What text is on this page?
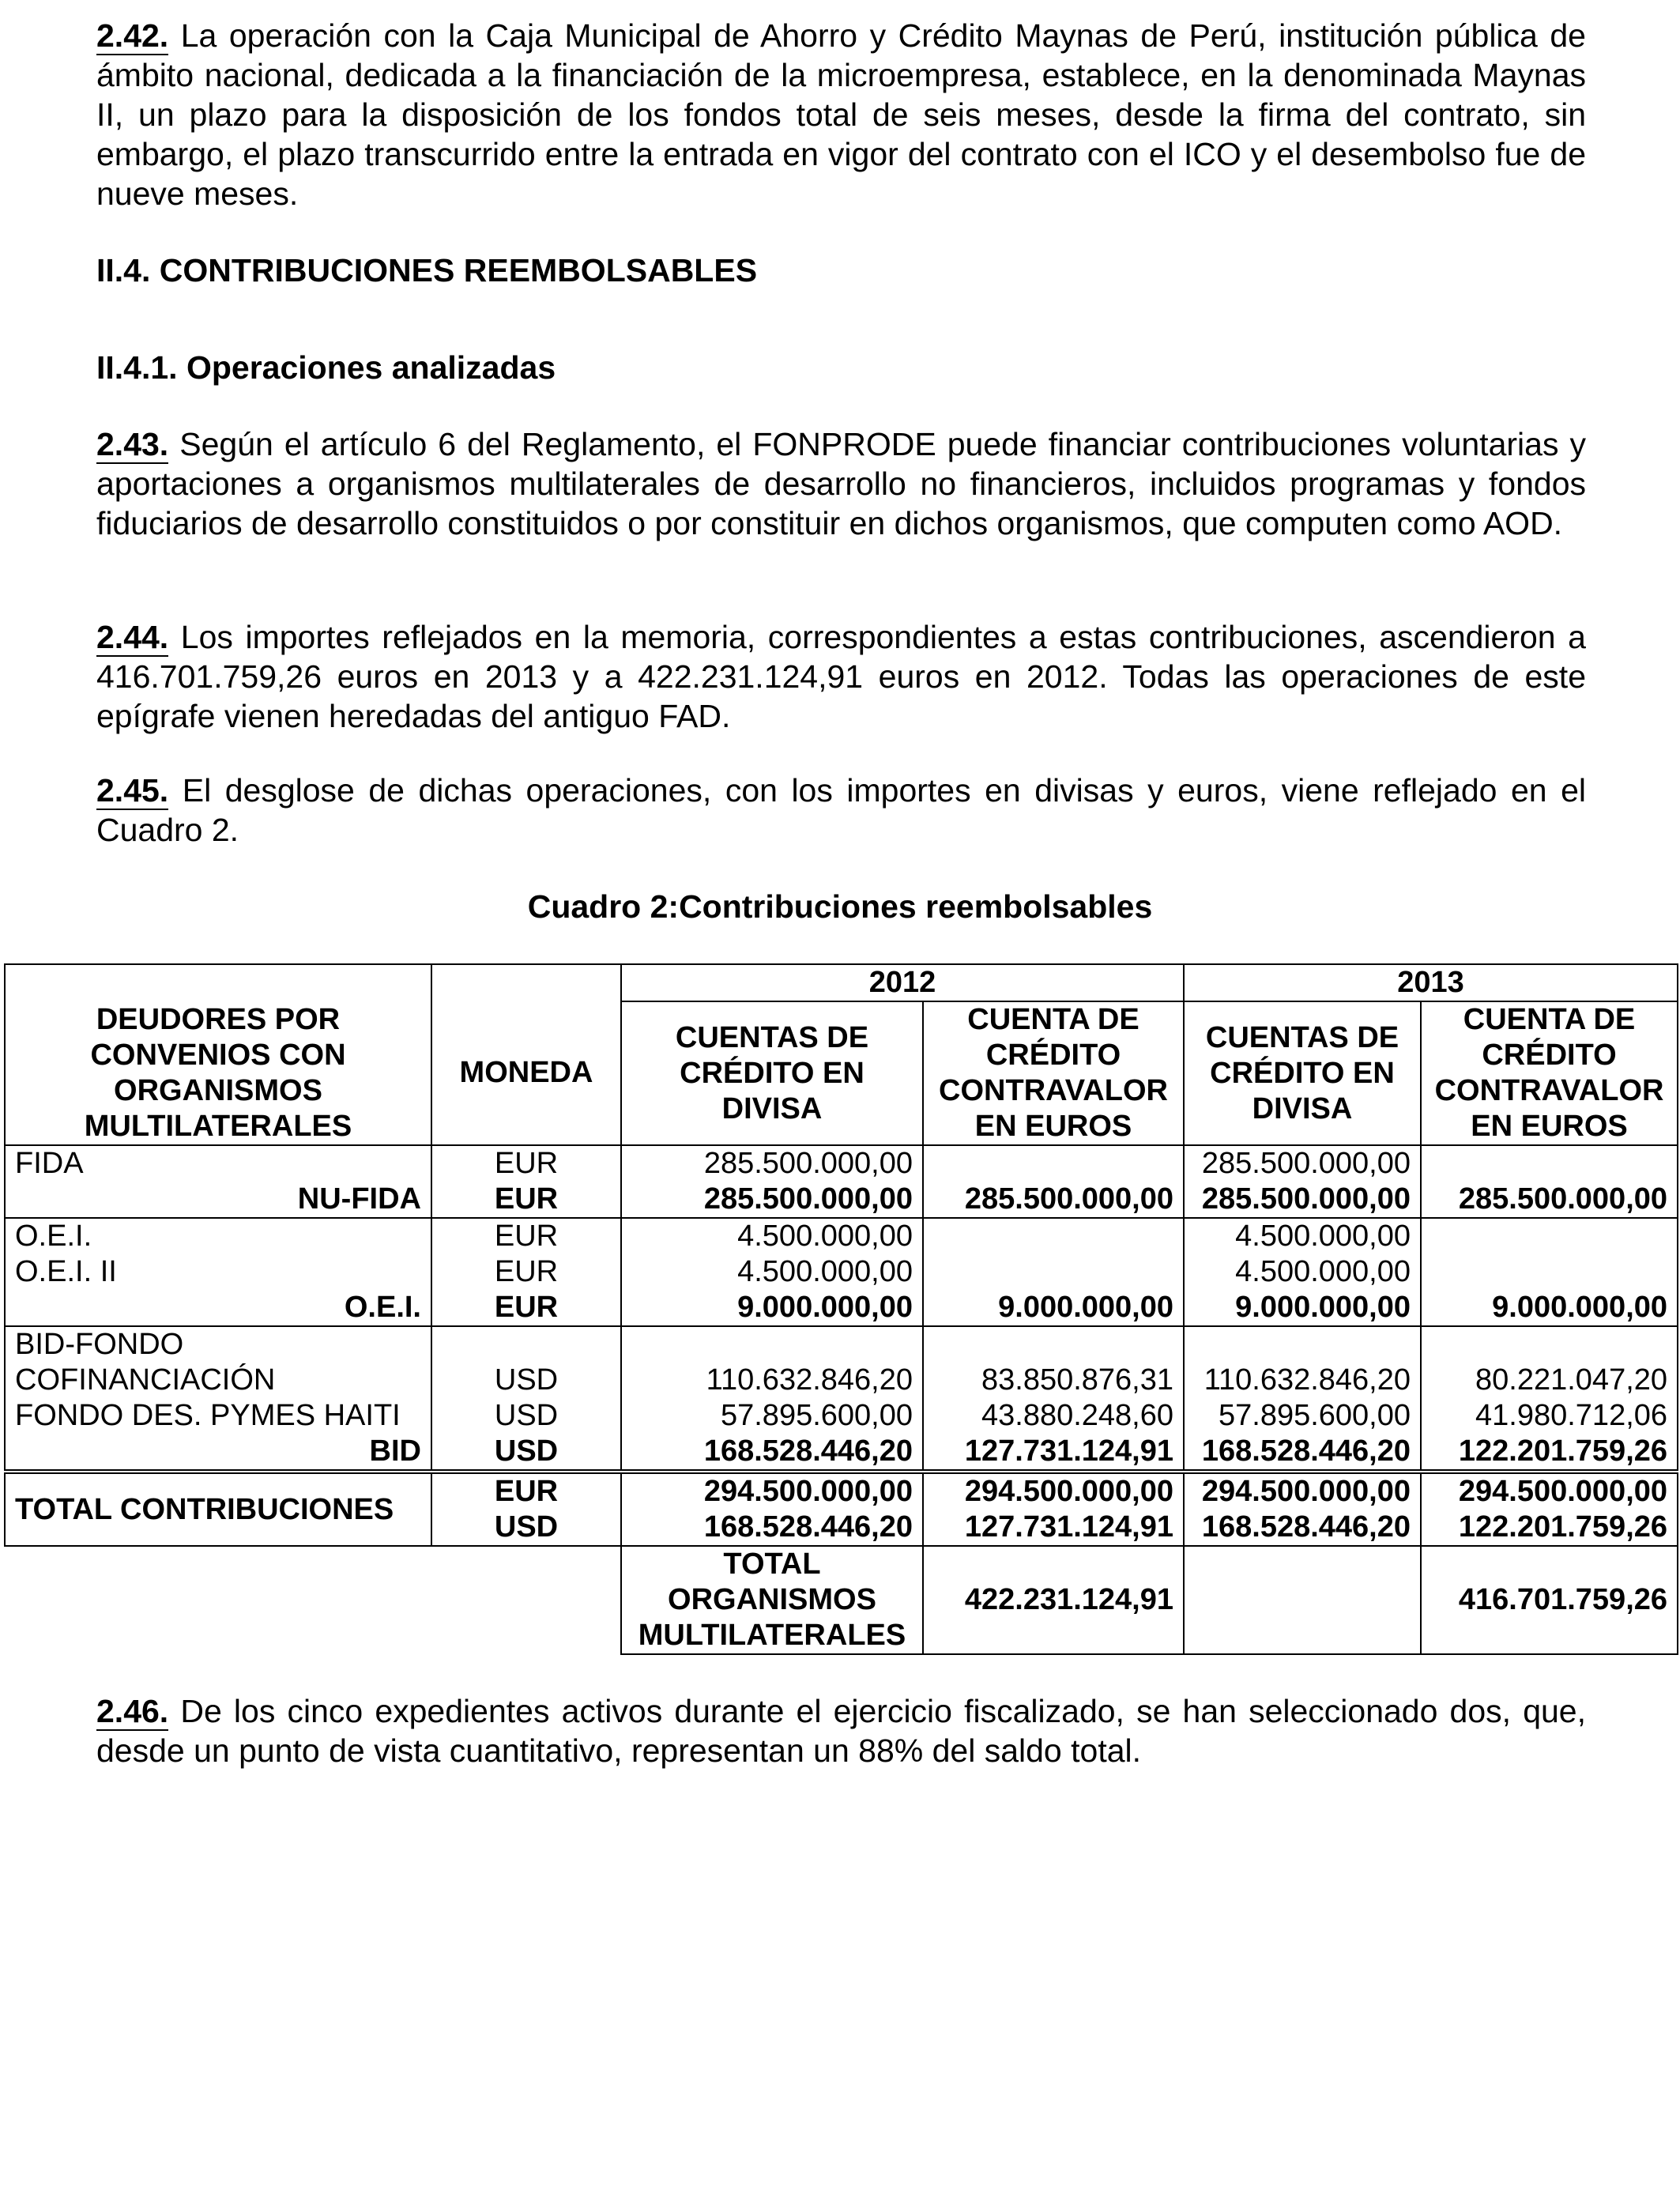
2.42. La operación con la Caja Municipal de Ahorro y Crédito Maynas de Perú, institución pública de ámbito nacional, dedicada a la financiación de la microempresa, establece, en la denominada Maynas II, un plazo para la disposición de los fondos total de seis meses, desde la firma del contrato, sin embargo, el plazo transcurrido entre la entrada en vigor del contrato con el ICO y el desembolso fue de nueve meses.

II.4. CONTRIBUCIONES REEMBOLSABLES
II.4.1. Operaciones analizadas

2.43. Según el artículo 6 del Reglamento, el FONPRODE puede financiar contribuciones voluntarias y aportaciones a organismos multilaterales de desarrollo no financieros, incluidos programas y fondos fiduciarios de desarrollo constituidos o por constituir en dichos organismos, que computen como AOD.

2.44. Los importes reflejados en la memoria, correspondientes a estas contribuciones, ascendieron a 416.701.759,26 euros en 2013 y a 422.231.124,91 euros en 2012. Todas las operaciones de este epígrafe vienen heredadas del antiguo FAD.

2.45. El desglose de dichas operaciones, con los importes en divisas y euros, viene reflejado en el Cuadro 2.

Cuadro 2:Contribuciones reembolsables
		2012		2013	
DEUDORES POR CONVENIOS CON ORGANISMOS MULTILATERALES	MONEDA	CUENTAS DE CRÉDITO EN DIVISA	CUENTA DE CRÉDITO CONTRAVALOR EN EUROS	CUENTAS DE CRÉDITO EN DIVISA	CUENTA DE CRÉDITO CONTRAVALOR EN EUROS
FIDA	EUR	285.500.000,00		285.500.000,00	
NU-FIDA	EUR	285.500.000,00	285.500.000,00	285.500.000,00	285.500.000,00
O.E.I.	EUR	4.500.000,00		4.500.000,00	
O.E.I. II	EUR	4.500.000,00		4.500.000,00	
O.E.I.	EUR	9.000.000,00	9.000.000,00	9.000.000,00	9.000.000,00
BID-FONDO					
COFINANCIACIÓN	USD	110.632.846,20	83.850.876,31	110.632.846,20	80.221.047,20
FONDO DES. PYMES HAITI	USD	57.895.600,00	43.880.248,60	57.895.600,00	41.980.712,06
BID	USD	168.528.446,20	127.731.124,91	168.528.446,20	122.201.759,26
TOTAL CONTRIBUCIONES	EUR	294.500.000,00	294.500.000,00	294.500.000,00	294.500.000,00
	USD	168.528.446,20	127.731.124,91	168.528.446,20	122.201.759,26
		TOTAL ORGANISMOS MULTILATERALES	422.231.124,91		416.701.759,26

2.46. De los cinco expedientes activos durante el ejercicio fiscalizado, se han seleccionado dos, que, desde un punto de vista cuantitativo, representan un 88% del saldo total.
